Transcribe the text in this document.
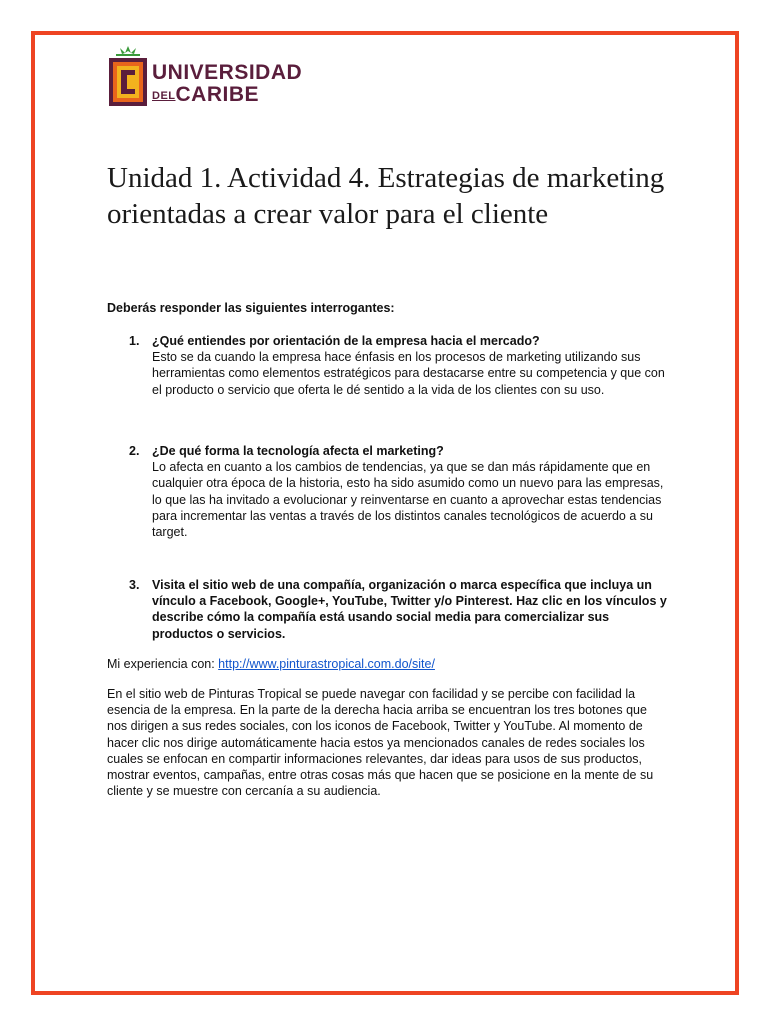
UNIVERSIDAD
DELCARIBE
Unidad 1. Actividad 4. Estrategias de marketing orientadas a crear valor para el cliente

Deberás responder las siguientes interrogantes:

1. ¿Qué entiendes por orientación de la empresa hacia el mercado?
Esto se da cuando la empresa hace énfasis en los procesos de marketing utilizando sus herramientas como elementos estratégicos para destacarse entre su competencia y que con el producto o servicio que oferta le dé sentido a la vida de los clientes con su uso.
2. ¿De qué forma la tecnología afecta el marketing?
Lo afecta en cuanto a los cambios de tendencias, ya que se dan más rápidamente que en cualquier otra época de la historia, esto ha sido asumido como un nuevo para las empresas, lo que las ha invitado a evolucionar y reinventarse en cuanto a aprovechar estas tendencias para incrementar las ventas a través de los distintos canales tecnológicos de acuerdo a su target.
3. Visita el sitio web de una compañía, organización o marca específica que incluya un vínculo a Facebook, Google+, YouTube, Twitter y/o Pinterest. Haz clic en los vínculos y describe cómo la compañía está usando social media para comercializar sus productos o servicios.
Mi experiencia con: http://www.pinturastropical.com.do/site/
En el sitio web de Pinturas Tropical se puede navegar con facilidad y se percibe con facilidad la esencia de la empresa. En la parte de la derecha hacia arriba se encuentran los tres botones que nos dirigen a sus redes sociales, con los iconos de Facebook, Twitter y YouTube. Al momento de hacer clic nos dirige automáticamente hacia estos ya mencionados canales de redes sociales los cuales se enfocan en compartir informaciones relevantes, dar ideas para usos de sus productos, mostrar eventos, campañas, entre otras cosas más que hacen que se posicione en la mente de su cliente y se muestre con cercanía a su audiencia.
